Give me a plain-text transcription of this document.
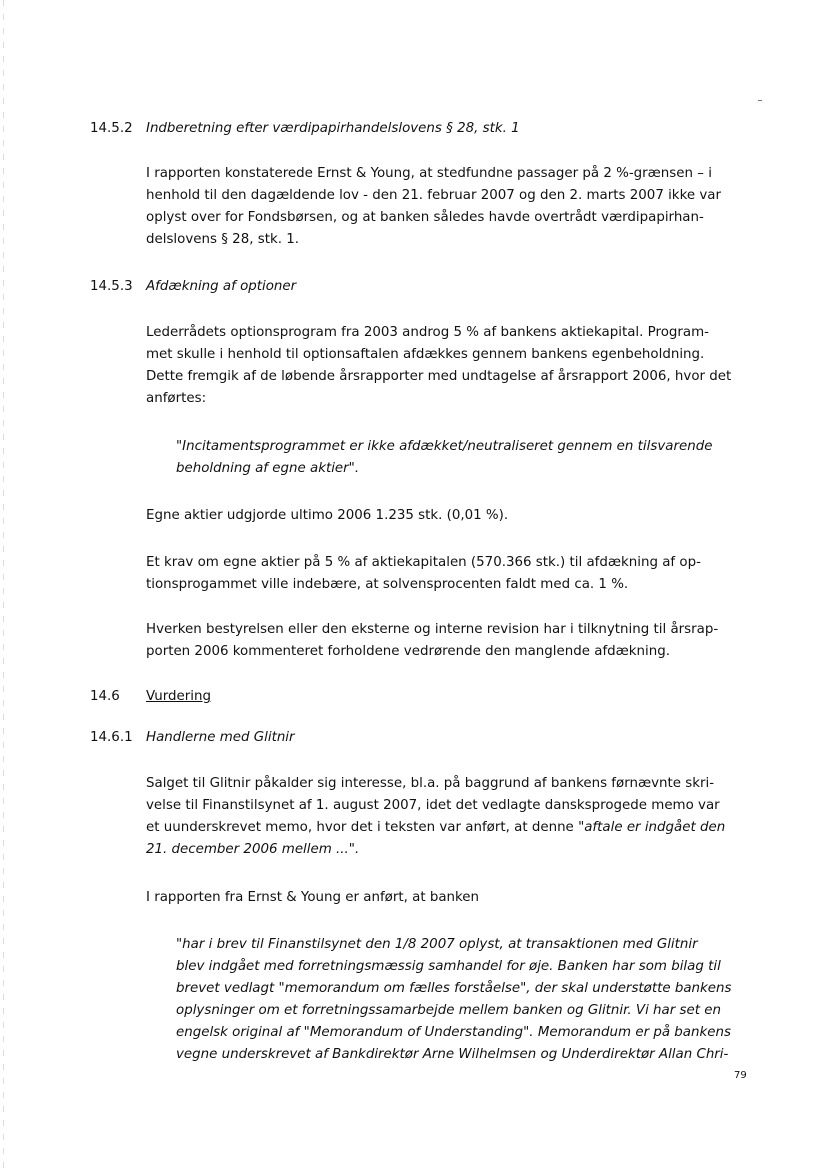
14.5.2 Indberetning efter værdipapirhandelslovens § 28, stk. 1
I rapporten konstaterede Ernst & Young, at stedfundne passager på 2 %-grænsen – i
henhold til den dagældende lov - den 21. februar 2007 og den 2. marts 2007 ikke var
oplyst over for Fondsbørsen, og at banken således havde overtrådt værdipapirhan-
delslovens § 28, stk. 1.
14.5.3 Afdækning af optioner
Lederrådets optionsprogram fra 2003 androg 5 % af bankens aktiekapital. Program-
met skulle i henhold til optionsaftalen afdækkes gennem bankens egenbeholdning.
Dette fremgik af de løbende årsrapporter med undtagelse af årsrapport 2006, hvor det
anførtes:
"Incitamentsprogrammet er ikke afdækket/neutraliseret gennem en tilsvarende
beholdning af egne aktier".
Egne aktier udgjorde ultimo 2006 1.235 stk. (0,01 %).
Et krav om egne aktier på 5 % af aktiekapitalen (570.366 stk.) til afdækning af op-
tionsprogammet ville indebære, at solvensprocenten faldt med ca. 1 %.
Hverken bestyrelsen eller den eksterne og interne revision har i tilknytning til årsrap-
porten 2006 kommenteret forholdene vedrørende den manglende afdækning.
14.6 Vurdering
14.6.1 Handlerne med Glitnir
Salget til Glitnir påkalder sig interesse, bl.a. på baggrund af bankens førnævnte skri-
velse til Finanstilsynet af 1. august 2007, idet det vedlagte dansksprogede memo var
et uunderskrevet memo, hvor det i teksten var anført, at denne "aftale er indgået den
21. december 2006 mellem ...".
I rapporten fra Ernst & Young er anført, at banken
"har i brev til Finanstilsynet den 1/8 2007 oplyst, at transaktionen med Glitnir
blev indgået med forretningsmæssig samhandel for øje. Banken har som bilag til
brevet vedlagt "memorandum om fælles forståelse", der skal understøtte bankens
oplysninger om et forretningssamarbejde mellem banken og Glitnir. Vi har set en
engelsk original af "Memorandum of Understanding". Memorandum er på bankens
vegne underskrevet af Bankdirektør Arne Wilhelmsen og Underdirektør Allan Chri-
79
